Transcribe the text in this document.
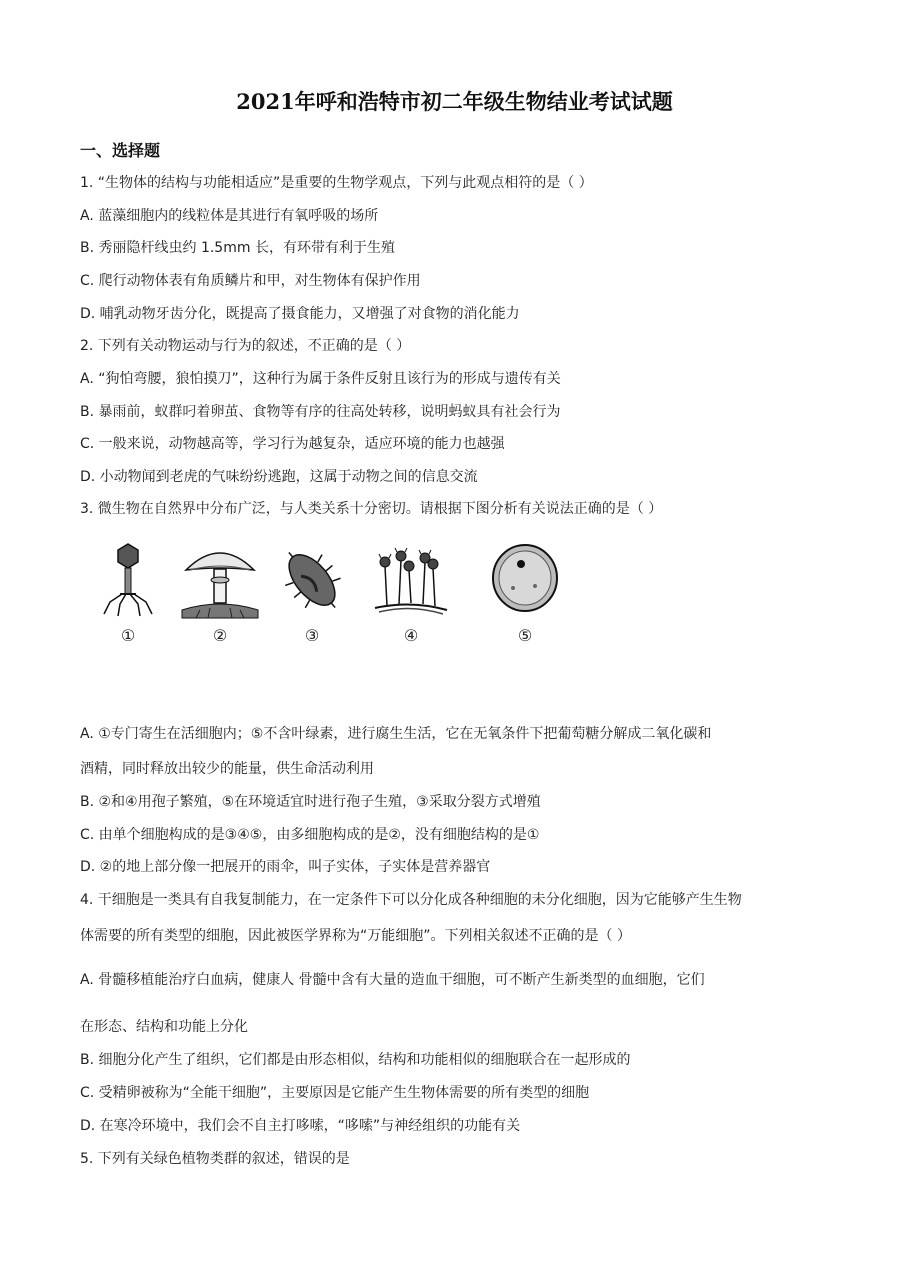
2021年呼和浩特市初二年级生物结业考试试题
一、选择题
1. “生物体的结构与功能相适应”是重要的生物学观点，下列与此观点相符的是（ ）
A. 蓝藻细胞内的线粒体是其进行有氧呼吸的场所
B. 秀丽隐杆线虫约 1.5mm 长，有环带有利于生殖
C. 爬行动物体表有角质鳞片和甲，对生物体有保护作用
D. 哺乳动物牙齿分化，既提高了摄食能力，又增强了对食物的消化能力
2. 下列有关动物运动与行为的叙述，不正确的是（ ）
A. “狗怕弯腰，狼怕摸刀”，这种行为属于条件反射且该行为的形成与遗传有关
B. 暴雨前，蚁群叼着卵茧、食物等有序的往高处转移，说明蚂蚁具有社会行为
C. 一般来说，动物越高等，学习行为越复杂，适应环境的能力也越强
D. 小动物闻到老虎的气味纷纷逃跑，这属于动物之间的信息交流
3. 微生物在自然界中分布广泛，与人类关系十分密切。请根据下图分析有关说法正确的是（ ）
①	②	③	④	⑤
A. ①专门寄生在活细胞内；⑤不含叶绿素，进行腐生生活，它在无氧条件下把葡萄糖分解成二氧化碳和
酒精，同时释放出较少的能量，供生命活动利用
B. ②和④用孢子繁殖，⑤在环境适宜时进行孢子生殖，③采取分裂方式增殖
C. 由单个细胞构成的是③④⑤，由多细胞构成的是②，没有细胞结构的是①
D. ②的地上部分像一把展开的雨伞，叫子实体，子实体是营养器官
4. 干细胞是一类具有自我复制能力，在一定条件下可以分化成各种细胞的未分化细胞，因为它能够产生生物
体需要的所有类型的细胞，因此被医学界称为“万能细胞”。下列相关叙述不正确的是（ ）
A. 骨髓移植能治疗白血病，健康人 骨髓中含有大量的造血干细胞，可不断产生新类型的血细胞，它们
在形态、结构和功能上分化
B. 细胞分化产生了组织，它们都是由形态相似，结构和功能相似的细胞联合在一起形成的
C. 受精卵被称为“全能干细胞”，主要原因是它能产生生物体需要的所有类型的细胞
D. 在寒冷环境中，我们会不自主打哆嗦，“哆嗦”与神经组织的功能有关
5. 下列有关绿色植物类群的叙述，错误的是
